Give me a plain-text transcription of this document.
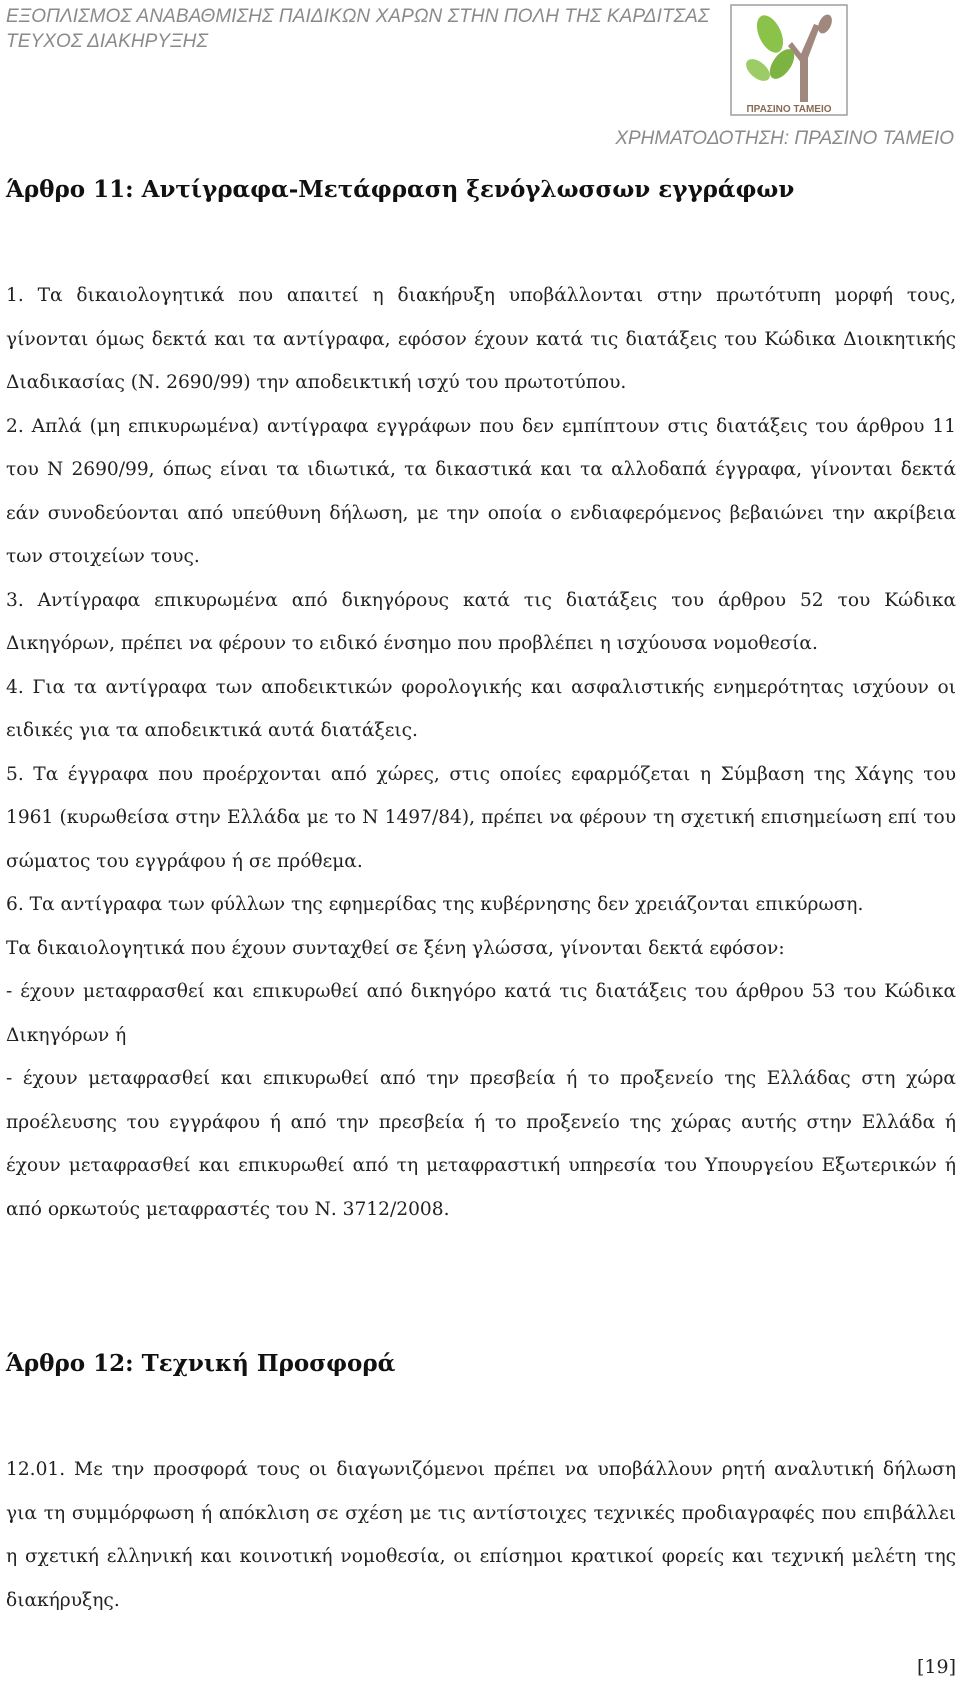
ΕΞΟΠΛΙΣΜΟΣ ΑΝΑΒΑΘΜΙΣΗΣ ΠΑΙΔΙΚΩΝ ΧΑΡΩΝ ΣΤΗΝ ΠΟΛΗ ΤΗΣ ΚΑΡΔΙΤΣΑΣ
ΤΕΥΧΟΣ ΔΙΑΚΗΡΥΞΗΣ
ΠΡΑΣΙΝΟ ΤΑΜΕΙΟ
ΧΡΗΜΑΤΟΔΟΤΗΣΗ: ΠΡΑΣΙΝΟ ΤΑΜΕΙΟ
Άρθρο 11: Αντίγραφα-Μετάφραση ξενόγλωσσων εγγράφων

1. Τα δικαιολογητικά που απαιτεί η διακήρυξη υποβάλλονται στην πρωτότυπη μορφή τους, γίνονται όμως δεκτά και τα αντίγραφα, εφόσον έχουν κατά τις διατάξεις του Κώδικα Διοικητικής Διαδικασίας (Ν. 2690/99) την αποδεικτική ισχύ του πρωτοτύπου.

2. Απλά (μη επικυρωμένα) αντίγραφα εγγράφων που δεν εμπίπτουν στις διατάξεις του άρθρου 11 του Ν 2690/99, όπως είναι τα ιδιωτικά, τα δικαστικά και τα αλλοδαπά έγγραφα, γίνονται δεκτά εάν συνοδεύονται από υπεύθυνη δήλωση, με την οποία ο ενδιαφερόμενος βεβαιώνει την ακρίβεια των στοιχείων τους.

3. Αντίγραφα επικυρωμένα από δικηγόρους κατά τις διατάξεις του άρθρου 52 του Κώδικα Δικηγόρων, πρέπει να φέρουν το ειδικό ένσημο που προβλέπει η ισχύουσα νομοθεσία.

4. Για τα αντίγραφα των αποδεικτικών φορολογικής και ασφαλιστικής ενημερότητας ισχύουν οι ειδικές για τα αποδεικτικά αυτά διατάξεις.

5. Τα έγγραφα που προέρχονται από χώρες, στις οποίες εφαρμόζεται η Σύμβαση της Χάγης του 1961 (κυρωθείσα στην Ελλάδα με το Ν 1497/84), πρέπει να φέρουν τη σχετική επισημείωση επί του σώματος του εγγράφου ή σε πρόθεμα.

6. Τα αντίγραφα των φύλλων της εφημερίδας της κυβέρνησης δεν χρειάζονται επικύρωση.

Τα δικαιολογητικά που έχουν συνταχθεί σε ξένη γλώσσα, γίνονται δεκτά εφόσον:

- έχουν μεταφρασθεί και επικυρωθεί από δικηγόρο κατά τις διατάξεις του άρθρου 53 του Κώδικα Δικηγόρων ή

- έχουν μεταφρασθεί και επικυρωθεί από την πρεσβεία ή το προξενείο της Ελλάδας στη χώρα προέλευσης του εγγράφου ή από την πρεσβεία ή το προξενείο της χώρας αυτής στην Ελλάδα ή έχουν μεταφρασθεί και επικυρωθεί από τη μεταφραστική υπηρεσία του Υπουργείου Εξωτερικών ή από ορκωτούς μεταφραστές του Ν. 3712/2008.

Άρθρο 12: Τεχνική Προσφορά

12.01. Με την προσφορά τους οι διαγωνιζόμενοι πρέπει να υποβάλλουν ρητή αναλυτική δήλωση για τη συμμόρφωση ή απόκλιση σε σχέση με τις αντίστοιχες τεχνικές προδιαγραφές που επιβάλλει η σχετική ελληνική και κοινοτική νομοθεσία, οι επίσημοι κρατικοί φορείς και τεχνική μελέτη της διακήρυξης.

[19]
